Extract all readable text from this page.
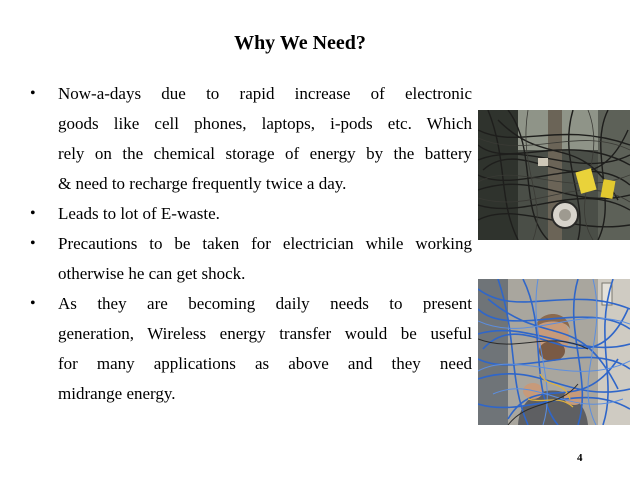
Why We Need?
•	Now-a-days due to rapid increase of electronic
goods like cell phones, laptops, i-pods etc. Which
rely on the chemical storage of energy by the battery
& need to recharge frequently twice a day.
•	Leads to lot of E-waste.
•	Precautions to be taken for electrician while working
otherwise he can get shock.
•	As they are becoming daily needs to present
generation, Wireless energy transfer would be useful
for many applications as above and they need
midrange energy.
4
